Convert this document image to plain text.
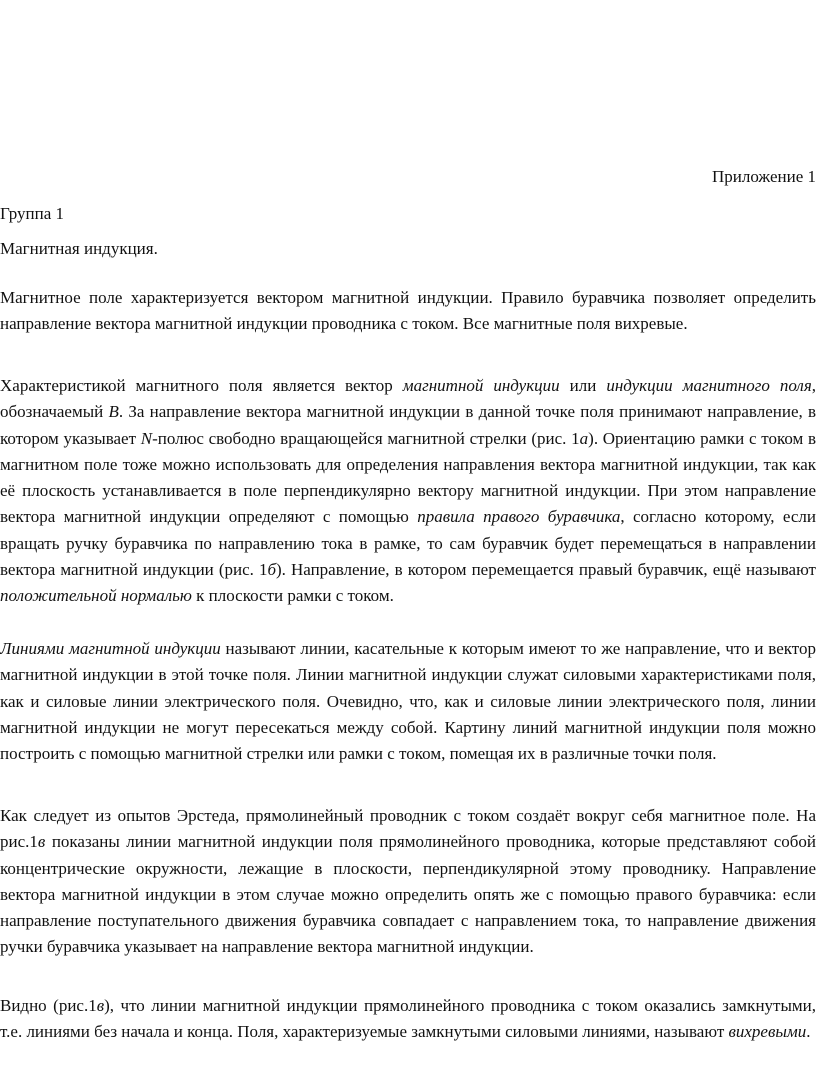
Приложение 1
Группа 1
Магнитная индукция.

Магнитное поле характеризуется вектором магнитной индукции. Правило буравчика позволяет определить направление вектора магнитной индукции проводника с током. Все магнитные поля вихревые.

Характеристикой магнитного поля является вектор магнитной индукции или индукции магнитного поля, обозначаемый B. За направление вектора магнитной индукции в данной точке поля принимают направление, в котором указывает N-полюс свободно вращающейся магнитной стрелки (рис. 1а). Ориентацию рамки с током в магнитном поле тоже можно использовать для определения направления вектора магнитной индукции, так как её плоскость устанавливается в поле перпендикулярно вектору магнитной индукции. При этом направление вектора магнитной индукции определяют с помощью правила правого буравчика, согласно которому, если вращать ручку буравчика по направлению тока в рамке, то сам буравчик будет перемещаться в направлении вектора магнитной индукции (рис. 1б). Направление, в котором перемещается правый буравчик, ещё называют положительной нормалью к плоскости рамки с током.

Линиями магнитной индукции называют линии, касательные к которым имеют то же направление, что и вектор магнитной индукции в этой точке поля. Линии магнитной индукции служат силовыми характеристиками поля, как и силовые линии электрического поля. Очевидно, что, как и силовые линии электрического поля, линии магнитной индукции не могут пересекаться между собой. Картину линий магнитной индукции поля можно построить с помощью магнитной стрелки или рамки с током, помещая их в различные точки поля.

Как следует из опытов Эрстеда, прямолинейный проводник с током создаёт вокруг себя магнитное поле. На рис.1в показаны линии магнитной индукции поля прямолинейного проводника, которые представляют собой концентрические окружности, лежащие в плоскости, перпендикулярной этому проводнику. Направление вектора магнитной индукции в этом случае можно определить опять же с помощью правого буравчика: если направление поступательного движения буравчика совпадает с направлением тока, то направление движения ручки буравчика указывает на направление вектора магнитной индукции.

Видно (рис.1в), что линии магнитной индукции прямолинейного проводника с током оказались замкнутыми, т.е. линиями без начала и конца. Поля, характеризуемые замкнутыми силовыми линиями, называют вихревыми.
